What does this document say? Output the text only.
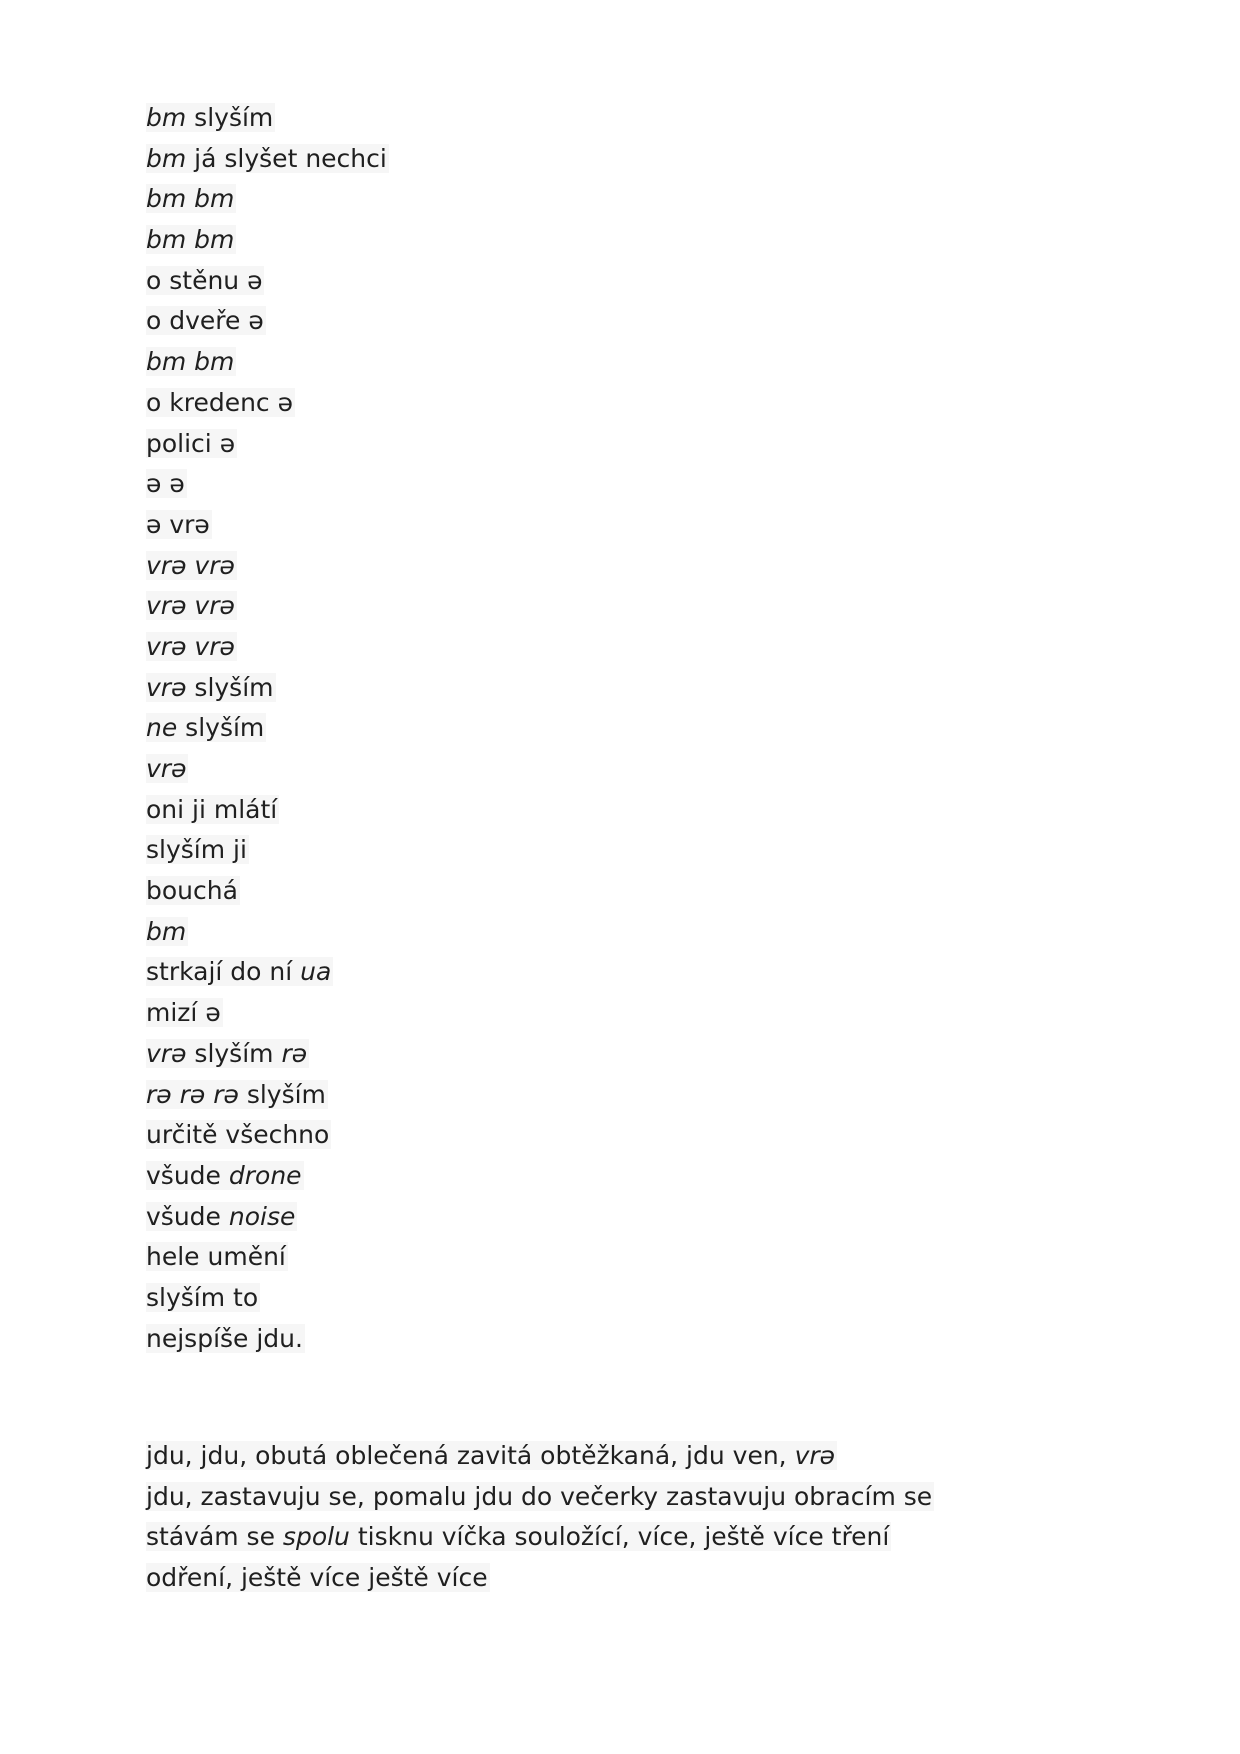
bm slyším
bm já slyšet nechci
bm bm
bm bm
o stěnu ə
o dveře ə
bm bm
o kredenc ə
polici ə
ə ə
ə vrə
vrə vrə
vrə vrə
vrə vrə
vrə slyším
ne slyším
vrə
oni ji mlátí
slyším ji
bouchá
bm
strkají do ní ua
mizí ə
vrə slyším rə
rə rə rə slyším
určitě všechno
všude drone
všude noise
hele umění
slyším to
nejspíše jdu.
jdu, jdu, obutá oblečená zavitá obtěžkaná, jdu ven, vrə
jdu, zastavuju se, pomalu jdu do večerky zastavuju obracím se
stávám se spolu tisknu víčka souložící, více, ještě více tření
odření, ještě více ještě více
